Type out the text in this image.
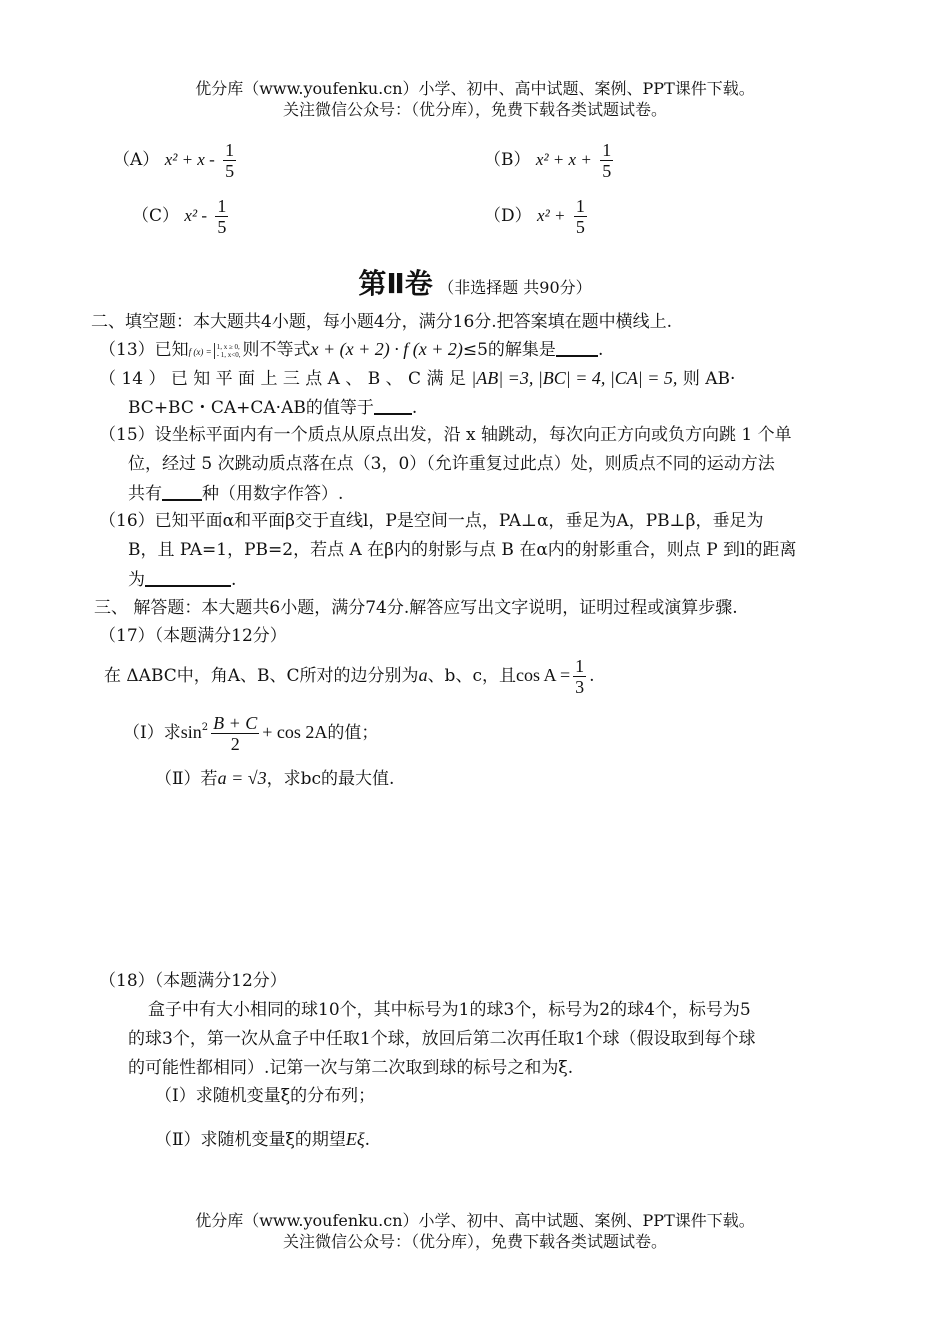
优分库（www.youfenku.cn）小学、初中、高中试题、案例、PPT课件下载。
关注微信公众号：（优分库），免费下载各类试题试卷。
（A） $x^2 + x - \frac{1}{5}$	（B） $x^2 + x + \frac{1}{5}$
（C） $x^2 - \frac{1}{5}$	（D） $x^2 + \frac{1}{5}$
第Ⅱ卷 （非选择题 共90分）
二、填空题：本大题共4小题，每小题4分，满分16分.把答案填在题中横线上.
（13）已知f (x) =
1, x ≥ 0,
- 1, x<0, 则不等式x + (x + 2) · f (x + 2)≤5的解集是 .
（ 14 ） 已 知 平 面 上 三 点 A 、 B 、 C 满 足 |AB| =3, |BC| = 4, |CA| = 5, 则 AB·
BC+BC・CA+CA·AB的值等于 .
（15）设坐标平面内有一个质点从原点出发，沿 x 轴跳动，每次向正方向或负方向跳 1 个单
位，经过 5 次跳动质点落在点（3，0）（允许重复过此点）处，则质点不同的运动方法
共有 种（用数字作答）.
（16）已知平面α和平面β交于直线l，P是空间一点，PA⊥α，垂足为A，PB⊥β，垂足为
B，且 PA=1，PB=2，若点 A 在β内的射影与点 B 在α内的射影重合，则点 P 到l的距离
为	.
三、 解答题：本大题共6小题，满分74分.解答应写出文字说明，证明过程或演算步骤.
（17）（本题满分12分）
在 ΔABC中，角A、B、C所对的边分别为a、b、c，且$\cos A = \frac{1}{3}$ .
（Ⅰ）求$\sin^2 \frac{B + C}{2} + \cos 2A$的值；
（Ⅱ）若a = √3，求bc的最大值.
（18）（本题满分12分）
盒子中有大小相同的球10个，其中标号为1的球3个，标号为2的球4个，标号为5
的球3个，第一次从盒子中任取1个球，放回后第二次再任取1个球（假设取到每个球
的可能性都相同）.记第一次与第二次取到球的标号之和为ξ.
（Ⅰ）求随机变量ξ的分布列；
（Ⅱ）求随机变量ξ的期望Eξ.
优分库（www.youfenku.cn）小学、初中、高中试题、案例、PPT课件下载。
关注微信公众号：（优分库），免费下载各类试题试卷。
